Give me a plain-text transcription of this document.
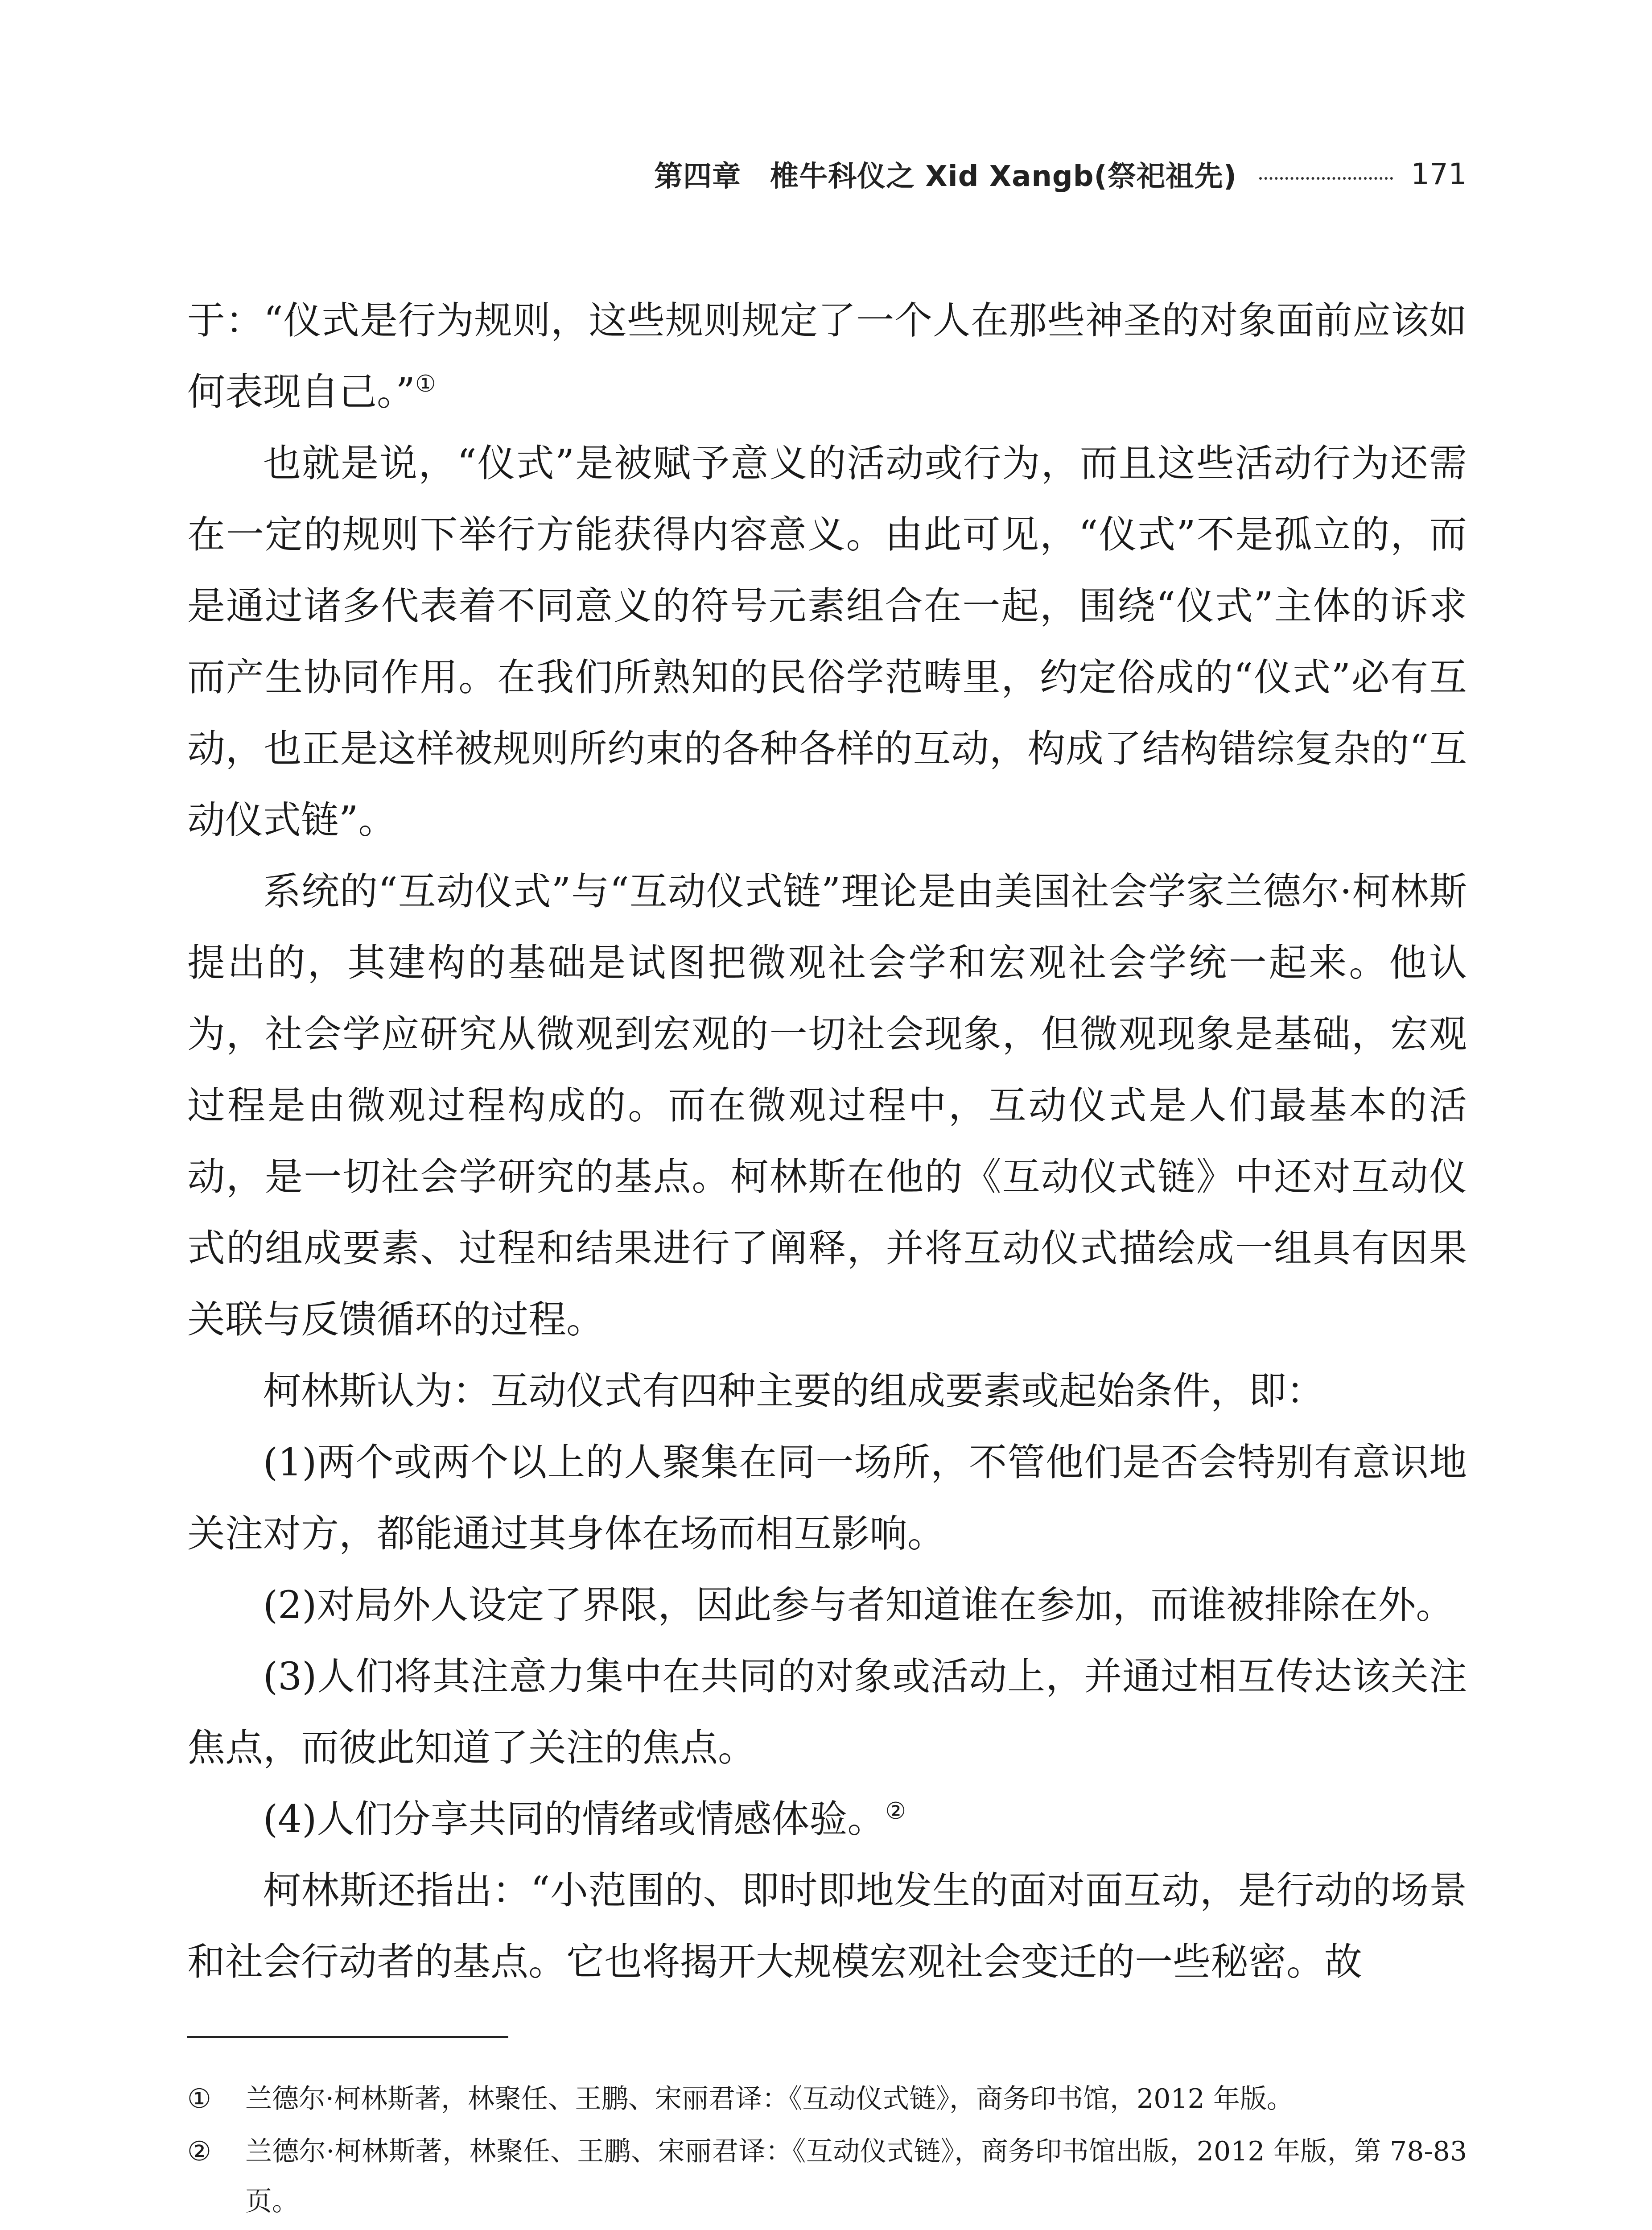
第四章　椎牛科仪之 Xid Xangb(祭祀祖先)	171

于：“仪式是行为规则，这些规则规定了一个人在那些神圣的对象面前应该如何表现自己。”①

也就是说，“仪式”是被赋予意义的活动或行为，而且这些活动行为还需在一定的规则下举行方能获得内容意义。由此可见，“仪式”不是孤立的，而是通过诸多代表着不同意义的符号元素组合在一起，围绕“仪式”主体的诉求而产生协同作用。在我们所熟知的民俗学范畴里，约定俗成的“仪式”必有互动，也正是这样被规则所约束的各种各样的互动，构成了结构错综复杂的“互动仪式链”。

系统的“互动仪式”与“互动仪式链”理论是由美国社会学家兰德尔·柯林斯提出的，其建构的基础是试图把微观社会学和宏观社会学统一起来。他认为，社会学应研究从微观到宏观的一切社会现象，但微观现象是基础，宏观过程是由微观过程构成的。而在微观过程中，互动仪式是人们最基本的活动，是一切社会学研究的基点。柯林斯在他的《互动仪式链》中还对互动仪式的组成要素、过程和结果进行了阐释，并将互动仪式描绘成一组具有因果关联与反馈循环的过程。

柯林斯认为：互动仪式有四种主要的组成要素或起始条件，即：

(1)两个或两个以上的人聚集在同一场所，不管他们是否会特别有意识地关注对方，都能通过其身体在场而相互影响。

(2)对局外人设定了界限，因此参与者知道谁在参加，而谁被排除在外。

(3)人们将其注意力集中在共同的对象或活动上，并通过相互传达该关注焦点，而彼此知道了关注的焦点。

(4)人们分享共同的情绪或情感体验。②

柯林斯还指出：“小范围的、即时即地发生的面对面互动，是行动的场景和社会行动者的基点。它也将揭开大规模宏观社会变迁的一些秘密。故

①	兰德尔·柯林斯著，林聚任、王鹏、宋丽君译：《互动仪式链》，商务印书馆，2012 年版。
②	兰德尔·柯林斯著，林聚任、王鹏、宋丽君译：《互动仪式链》，商务印书馆出版，2012 年版，第 78-83 页。
